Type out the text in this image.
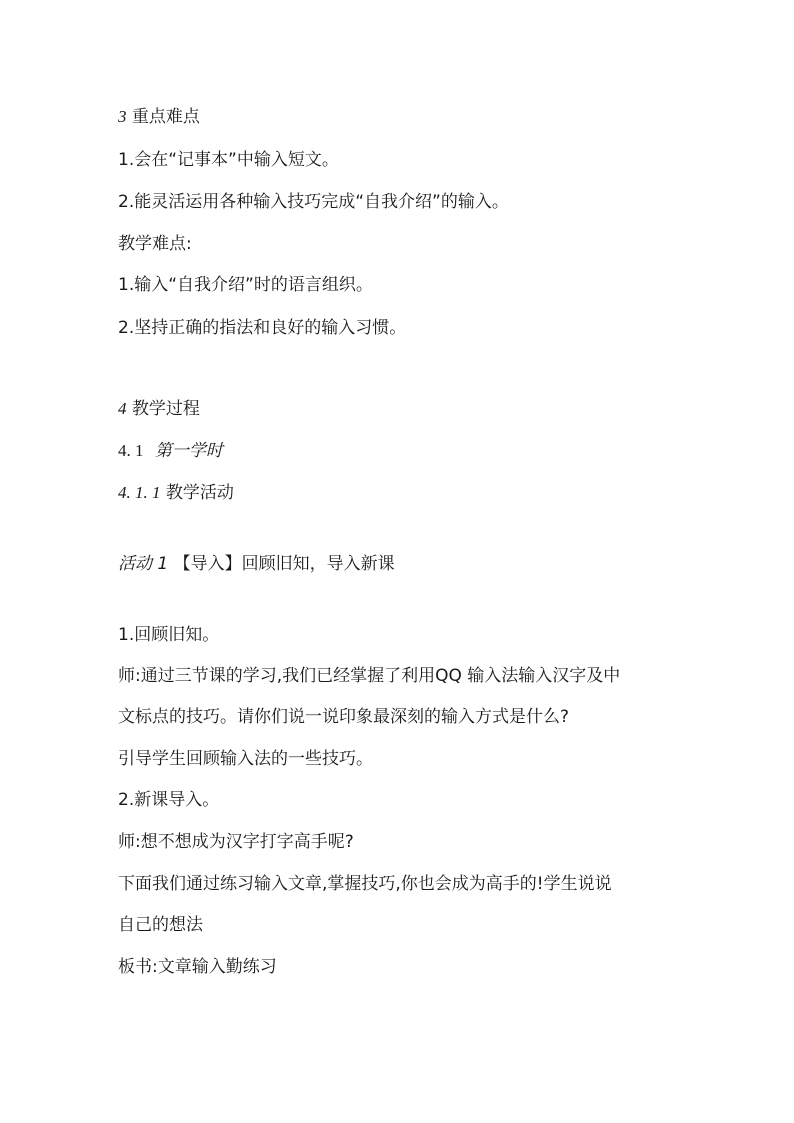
3 重点难点
1.会在“记事本”中输入短文。
2.能灵活运用各种输入技巧完成“自我介绍”的输入。
教学难点:
1.输入“自我介绍”时的语言组织。
2.坚持正确的指法和良好的输入习惯。
4 教学过程
4. 1 第一学时
4. 1. 1 教学活动
活动 1 【导入】回顾旧知，导入新课
1.回顾旧知。
师:通过三节课的学习,我们已经掌握了利用QQ 输入法输入汉字及中
文标点的技巧。请你们说一说印象最深刻的输入方式是什么?
引导学生回顾输入法的一些技巧。
2.新课导入。
师:想不想成为汉字打字高手呢?
下面我们通过练习输入文章,掌握技巧,你也会成为高手的!学生说说
自己的想法
板书:文章输入勤练习
